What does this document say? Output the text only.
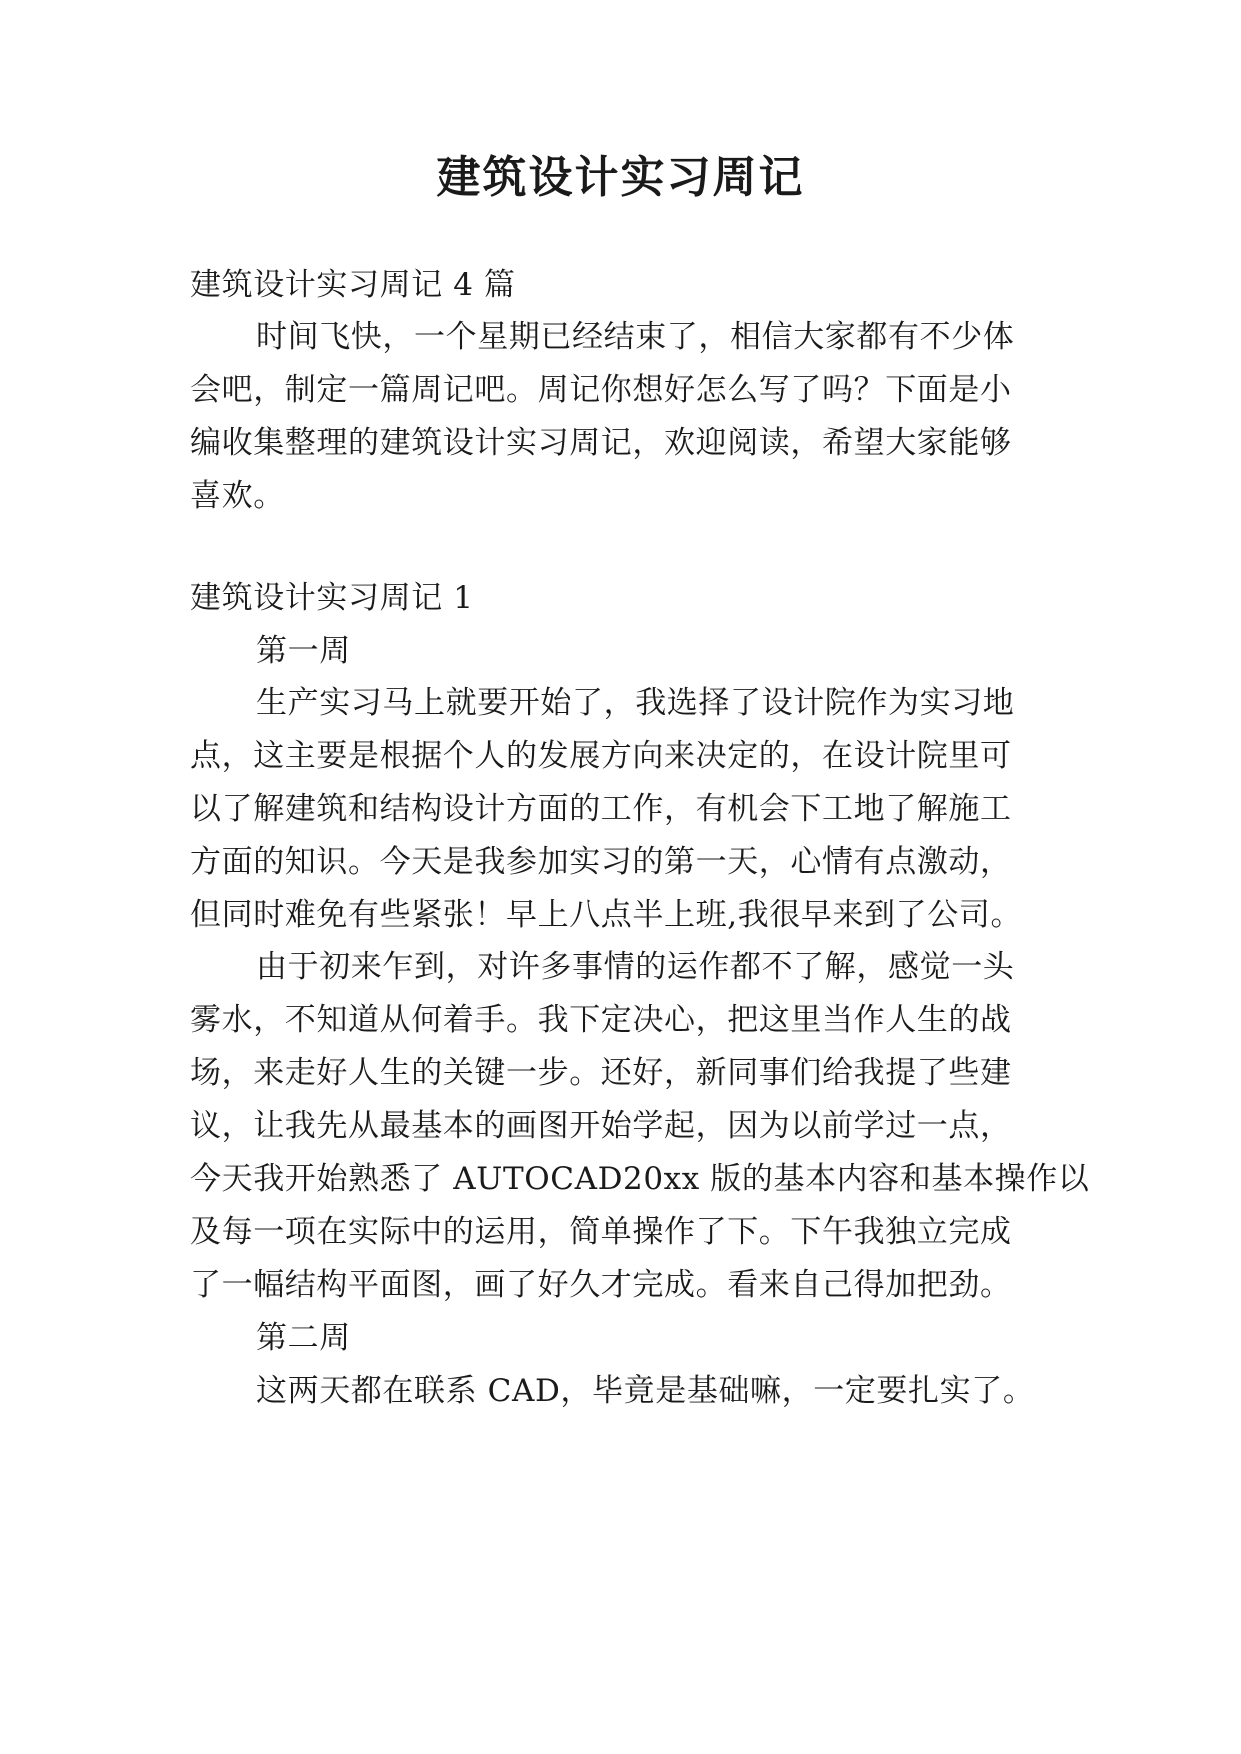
建筑设计实习周记
建筑设计实习周记 4 篇
时间飞快，一个星期已经结束了，相信大家都有不少体
会吧，制定一篇周记吧。周记你想好怎么写了吗？下面是小
编收集整理的建筑设计实习周记，欢迎阅读，希望大家能够
喜欢。
建筑设计实习周记 1
第一周
生产实习马上就要开始了，我选择了设计院作为实习地
点，这主要是根据个人的发展方向来决定的，在设计院里可
以了解建筑和结构设计方面的工作，有机会下工地了解施工
方面的知识。今天是我参加实习的第一天，心情有点激动，
但同时难免有些紧张！早上八点半上班,我很早来到了公司。
由于初来乍到，对许多事情的运作都不了解，感觉一头
雾水，不知道从何着手。我下定决心，把这里当作人生的战
场，来走好人生的关键一步。还好，新同事们给我提了些建
议，让我先从最基本的画图开始学起，因为以前学过一点，
今天我开始熟悉了 AUTOCAD20xx 版的基本内容和基本操作以
及每一项在实际中的运用，简单操作了下。下午我独立完成
了一幅结构平面图，画了好久才完成。看来自己得加把劲。
第二周
这两天都在联系 CAD，毕竟是基础嘛，一定要扎实了。
